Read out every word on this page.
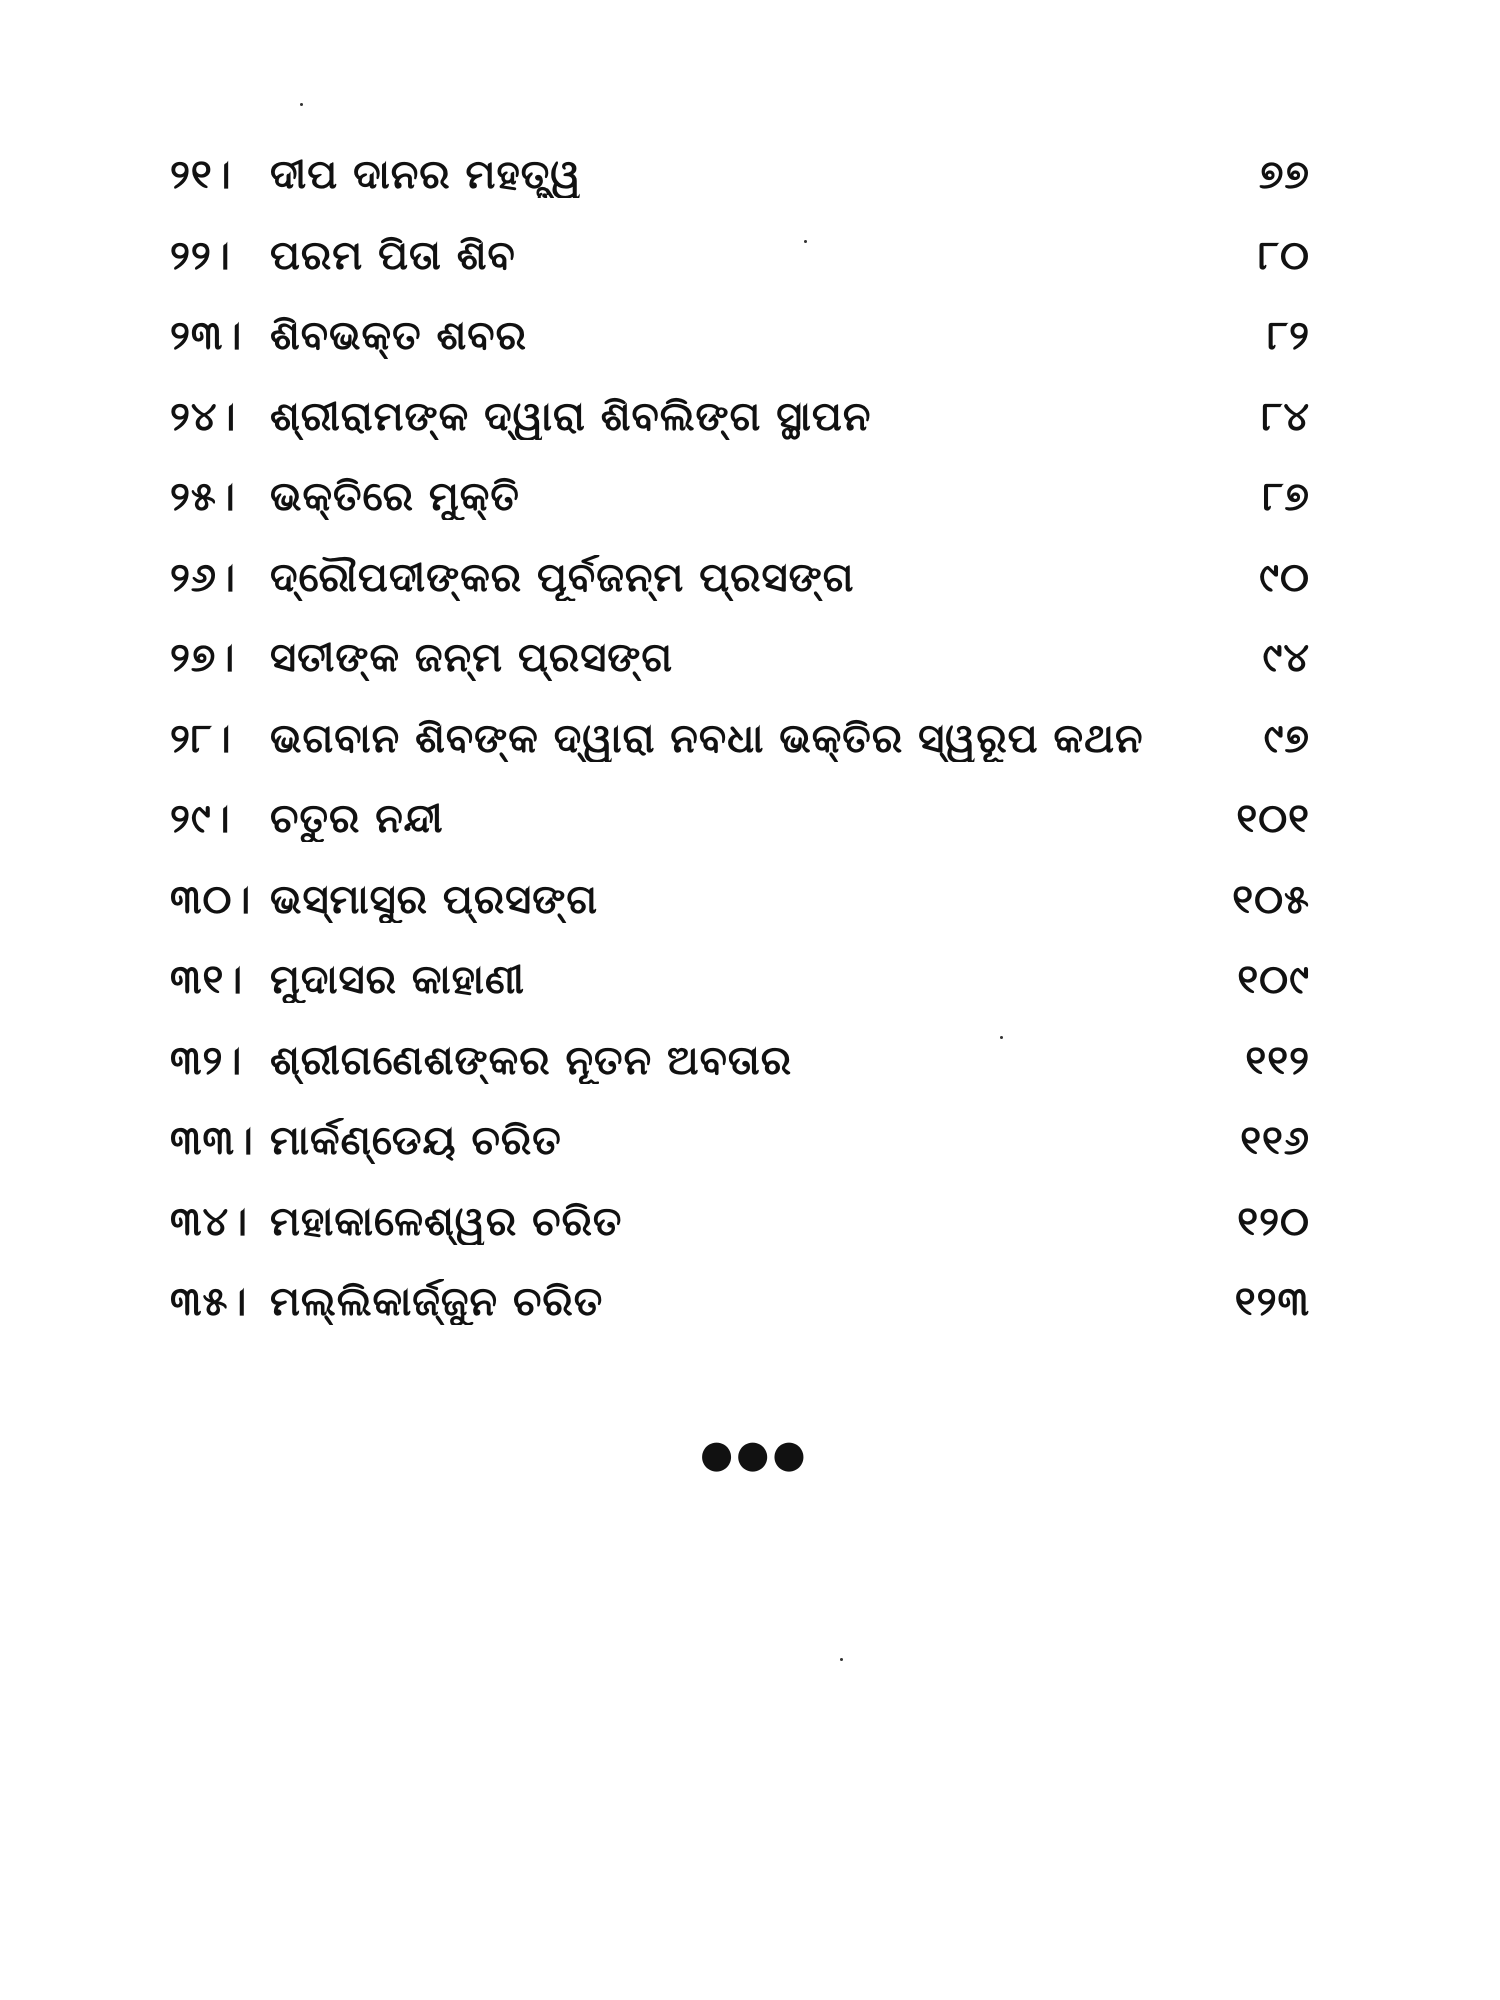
୨୧। ଦୀପ ଦାନର ମହତ୍ତ୍ୱ	୭୭
୨୨। ପରମ ପିତା ଶିବ	୮୦
୨୩। ଶିବଭକ୍ତ ଶବର	୮୨
୨୪। ଶ୍ରୀରାମଙ୍କ ଦ୍ୱାରା ଶିବଲିଙ୍ଗ ସ୍ଥାପନ	୮୪
୨୫। ଭକ୍ତିରେ ମୁକ୍ତି	୮୭
୨୬। ଦ୍ରୌପଦୀଙ୍କର ପୂର୍ବଜନ୍ମ ପ୍ରସଙ୍ଗ	୯୦
୨୭। ସତୀଙ୍କ ଜନ୍ମ ପ୍ରସଙ୍ଗ	୯୪
୨୮। ଭଗବାନ ଶିବଙ୍କ ଦ୍ୱାରା ନବଧା ଭକ୍ତିର ସ୍ୱରୂପ କଥନ	୯୭
୨୯। ଚତୁର ନନ୍ଦୀ	୧୦୧
୩୦। ଭସ୍ମାସୁର ପ୍ରସଙ୍ଗ	୧୦୫
୩୧। ମୁଦାସର କାହାଣୀ	୧୦୯
୩୨। ଶ୍ରୀଗଣେଶଙ୍କର ନୂତନ ଅବତାର	୧୧୨
୩୩। ମାର୍କଣ୍ଡେୟ ଚରିତ	୧୧୬
୩୪। ମହାକାଳେଶ୍ୱର ଚରିତ	୧୨୦
୩୫। ମଲ୍ଲିକାର୍ଜ୍ଜୁନ ଚରିତ	୧୨୩
●●●
